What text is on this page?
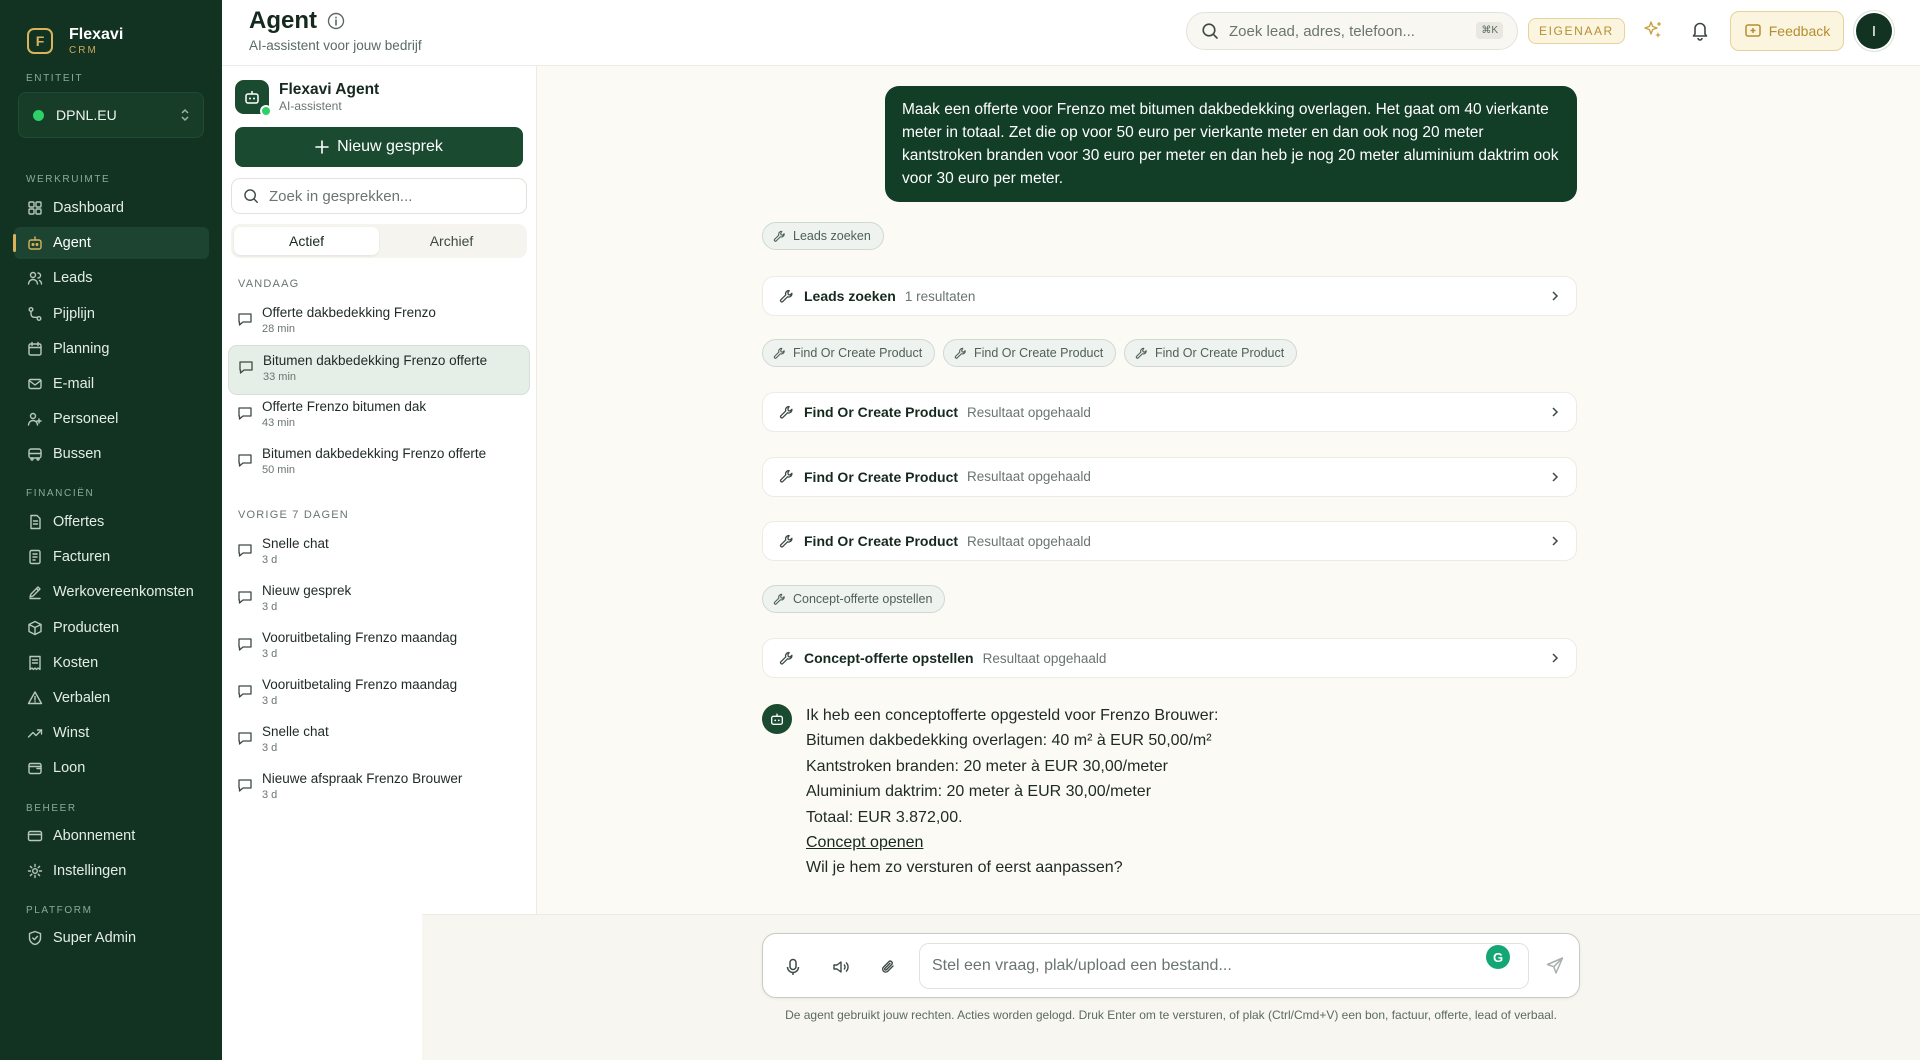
F	Flexavi
CRM
ENTITEIT
DPNL.EU
WERKRUIMTE
Dashboard
Agent
Leads
Pijplijn
Planning
E-mail
Personeel
Bussen
FINANCIËN
Offertes
Facturen
Werkovereenkomsten
Producten
Kosten
Verbalen
Winst
Loon
BEHEER
Abonnement
Instellingen
PLATFORM
Super Admin
Agent
AI-assistent voor jouw bedrijf
Zoek lead, adres, telefoon...
⌘K	EIGENAAR	Feedback	I
Flexavi Agent
AI-assistent
Nieuw gesprek
Zoek in gesprekken...
Actief	Archief
VANDAAG
Offerte dakbedekking Frenzo
28 min
Bitumen dakbedekking Frenzo offerte
33 min
Offerte Frenzo bitumen dak
43 min
Bitumen dakbedekking Frenzo offerte
50 min
VORIGE 7 DAGEN
Snelle chat
3 d
Nieuw gesprek
3 d
Vooruitbetaling Frenzo maandag
3 d
Vooruitbetaling Frenzo maandag
3 d
Snelle chat
3 d
Nieuwe afspraak Frenzo Brouwer
3 d
Maak een offerte voor Frenzo met bitumen dakbedekking overlagen. Het gaat om 40 vierkante meter in totaal. Zet die op voor 50 euro per vierkante meter en dan ook nog 20 meter kantstroken branden voor 30 euro per meter en dan heb je nog 20 meter aluminium daktrim ook voor 30 euro per meter.
Leads zoeken
Leads zoeken 1 resultaten
Find Or Create Product	Find Or Create Product	Find Or Create Product
Find Or Create Product Resultaat opgehaald
Find Or Create Product Resultaat opgehaald
Find Or Create Product Resultaat opgehaald
Concept-offerte opstellen
Concept-offerte opstellen Resultaat opgehaald
Ik heb een conceptofferte opgesteld voor Frenzo Brouwer:
Bitumen dakbedekking overlagen: 40 m² à EUR 50,00/m²
Kantstroken branden: 20 meter à EUR 30,00/meter
Aluminium daktrim: 20 meter à EUR 30,00/meter
Totaal: EUR 3.872,00.
Concept openen
Wil je hem zo versturen of eerst aanpassen?
Stel een vraag, plak/upload een bestand...
G
De agent gebruikt jouw rechten. Acties worden gelogd. Druk Enter om te versturen, of plak (Ctrl/Cmd+V) een bon, factuur, offerte, lead of verbaal.
